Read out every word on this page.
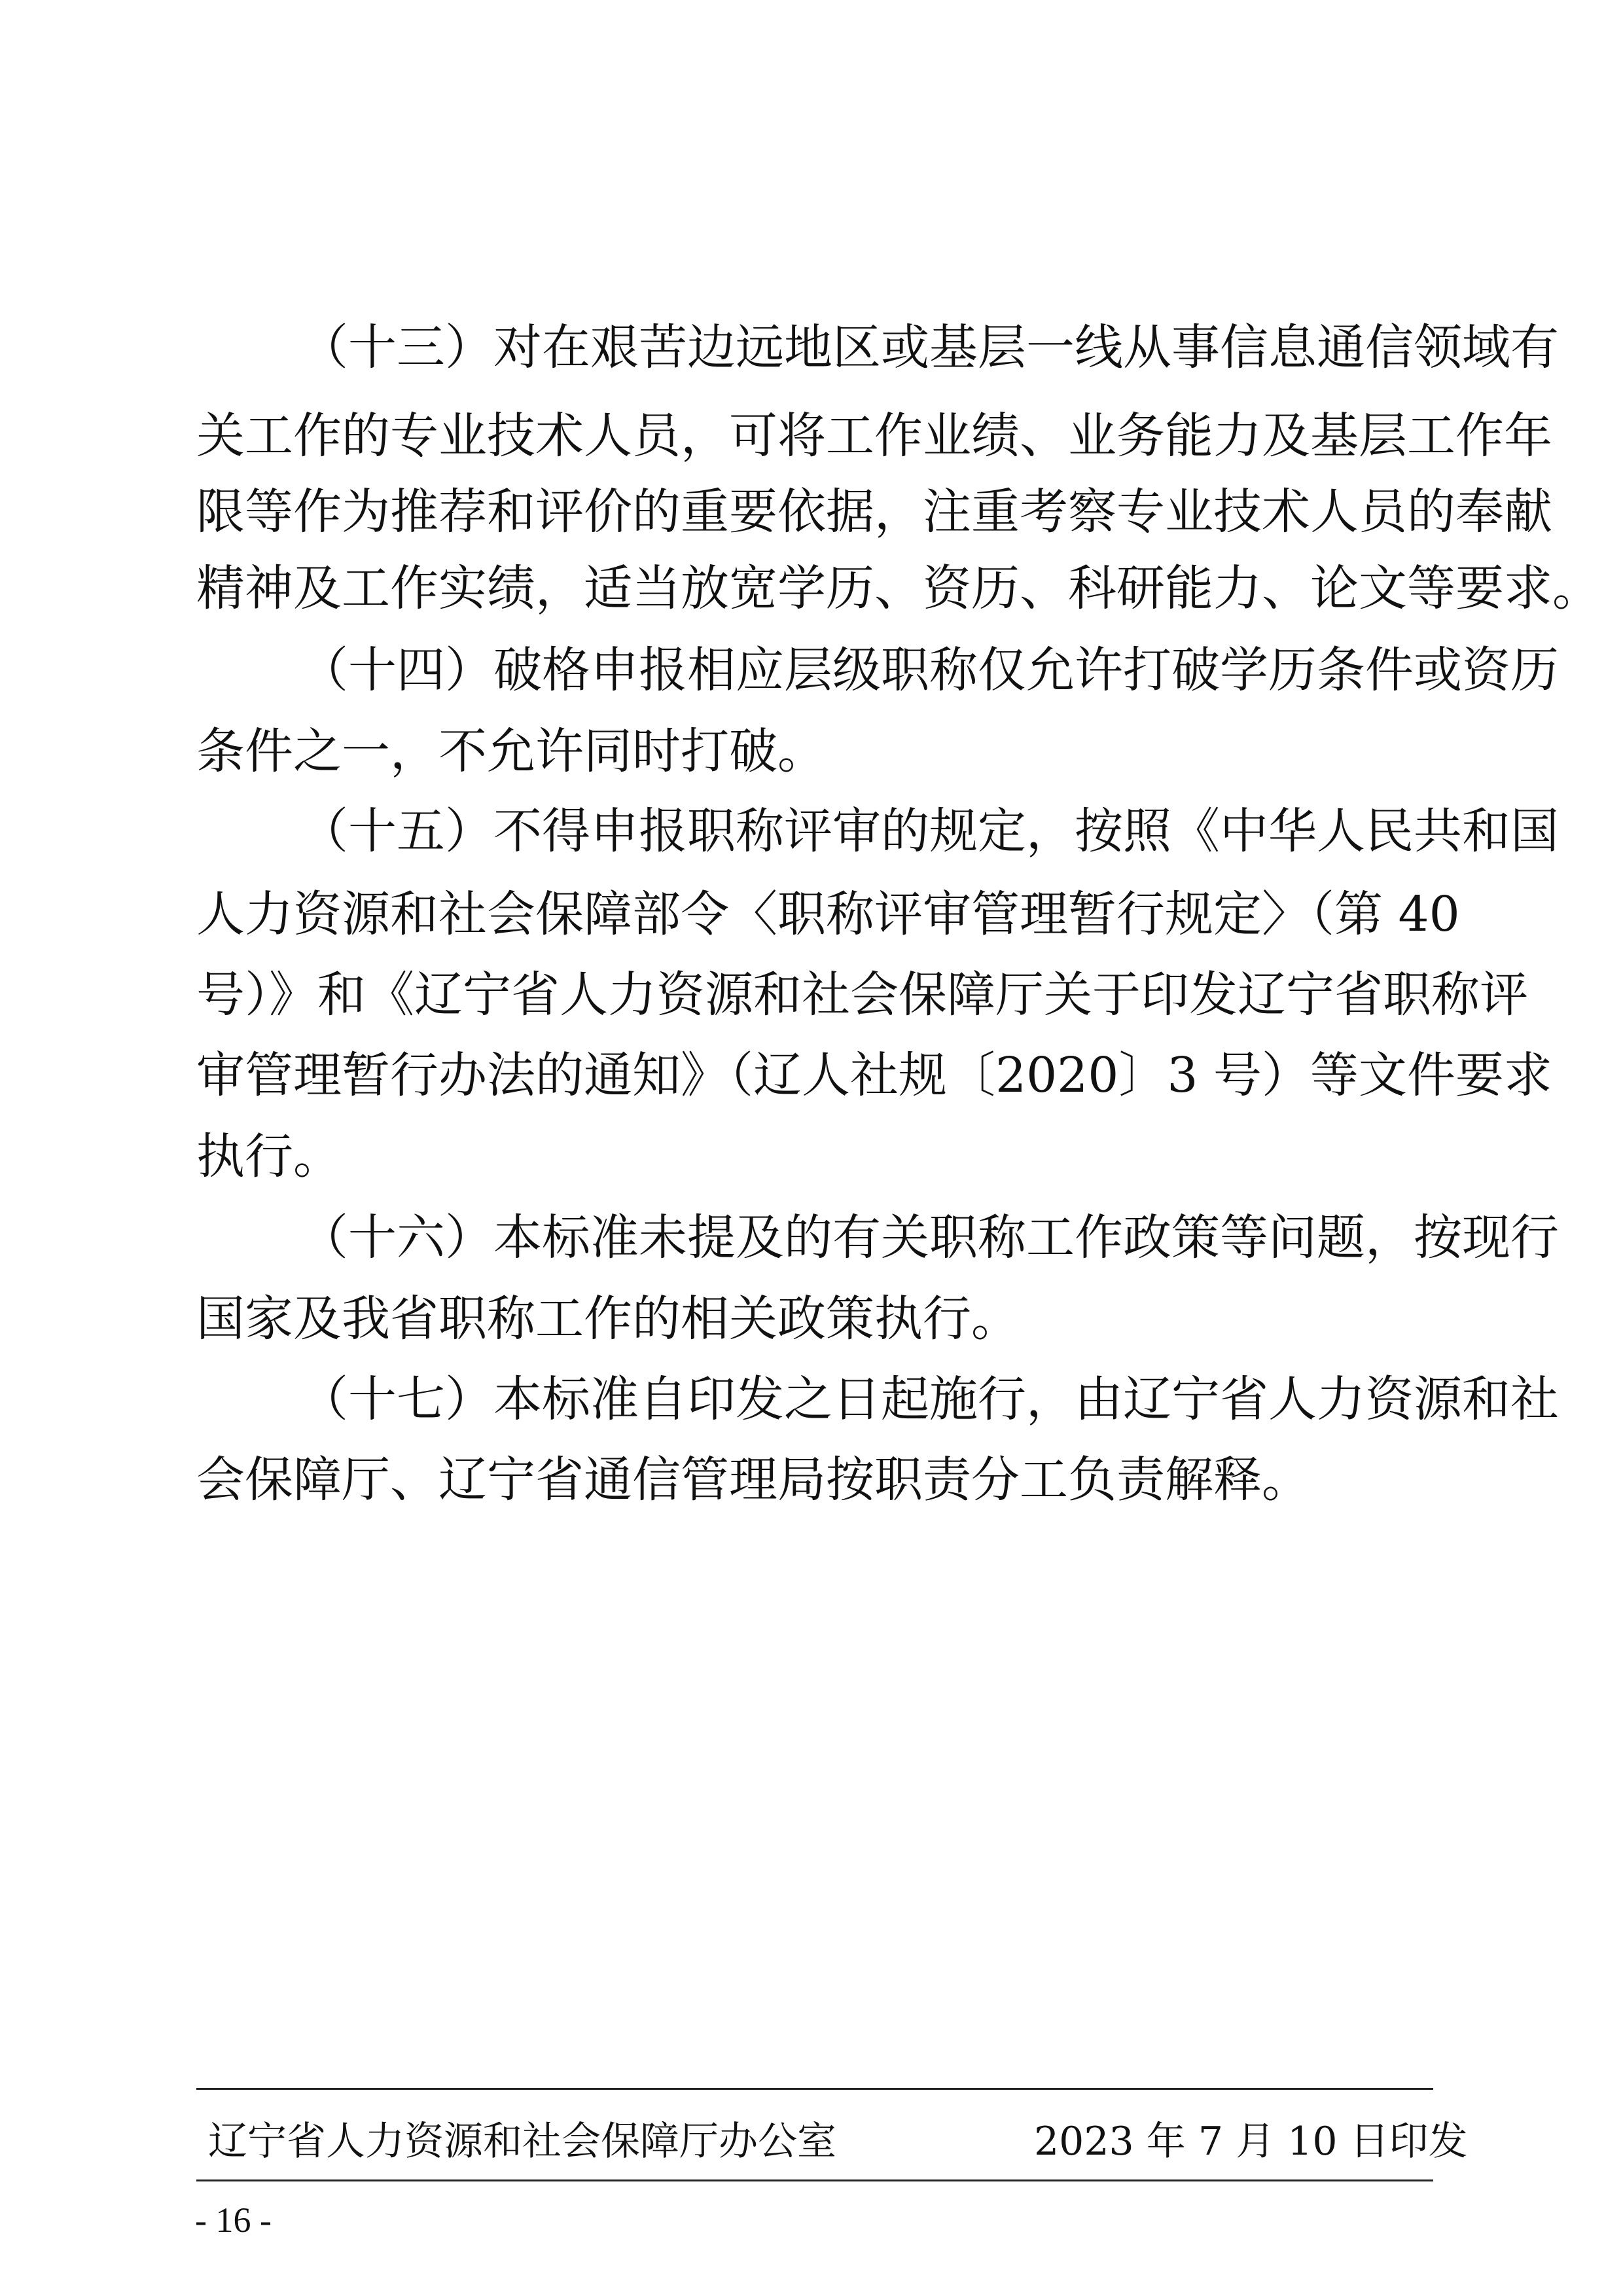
（十三）对在艰苦边远地区或基层一线从事信息通信领域有
关工作的专业技术人员，可将工作业绩、业务能力及基层工作年
限等作为推荐和评价的重要依据，注重考察专业技术人员的奉献
精神及工作实绩，适当放宽学历、资历、科研能力、论文等要求。
（十四）破格申报相应层级职称仅允许打破学历条件或资历
条件之一，不允许同时打破。
（十五）不得申报职称评审的规定，按照《中华人民共和国
人力资源和社会保障部令〈职称评审管理暂行规定〉（第 40
号）》和《辽宁省人力资源和社会保障厅关于印发辽宁省职称评
审管理暂行办法的通知》（辽人社规〔2020〕3 号）等文件要求
执行。
（十六）本标准未提及的有关职称工作政策等问题，按现行
国家及我省职称工作的相关政策执行。
（十七）本标准自印发之日起施行，由辽宁省人力资源和社
会保障厅、辽宁省通信管理局按职责分工负责解释。
辽宁省人力资源和社会保障厅办公室	2023 年 7 月 10 日印发
- 16 -
